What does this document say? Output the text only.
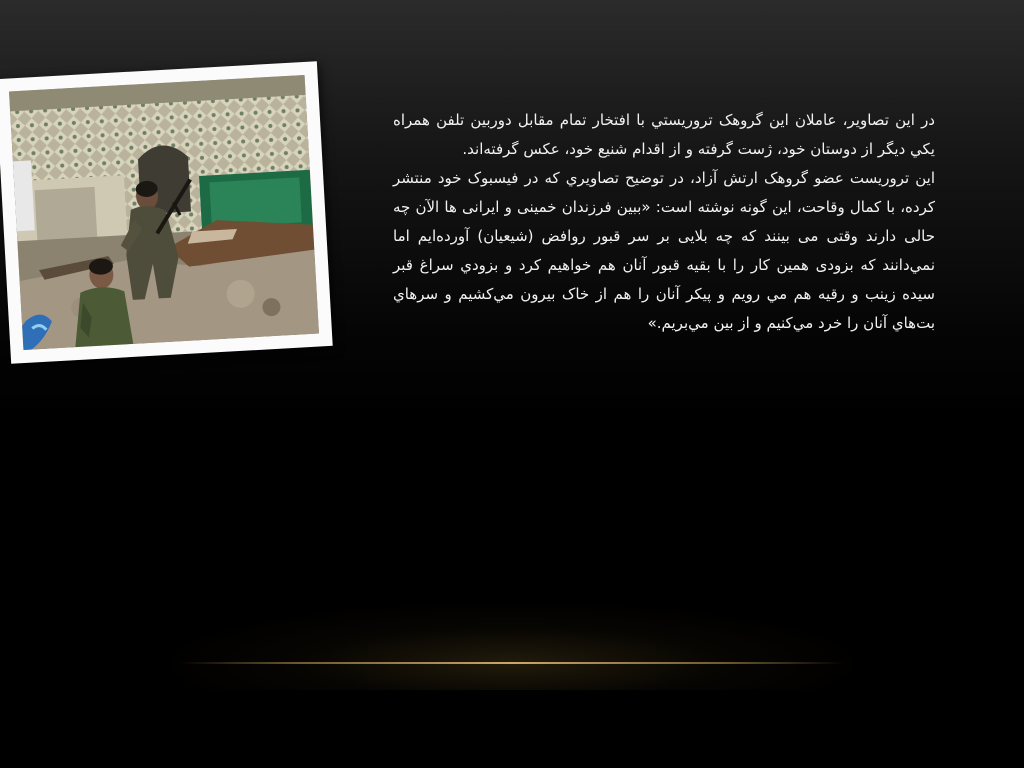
در اين تصاوير، عاملان اين گروهک تروريستي با افتخار تمام مقابل دوربين تلفن همراه يکي ديگر از دوستان خود، ژست گرفته و از اقدام شنيع خود، عکس گرفته‌اند.

اين تروريست عضو گروهک ارتش آزاد، در توضيح تصاويري که در فيسبوک خود منتشر کرده، با کمال وقاحت، اين گونه نوشته است: «ببين فرزندان خمینی و ایرانی ها الآن چه حالی دارند وقتی می بینند که چه بلایی بر سر قبور روافض (شیعیان) آورده‌ایم اما نمي‌دانند که بزودی همین کار را با بقيه قبور آنان هم خواهیم کرد و بزودي سراغ قبر سيده زينب و رقيه هم مي رويم و پيکر آنان را هم از خاک بيرون مي‌کشيم و سرهاي بت‌هاي آنان را خرد مي‌کنيم و از بين مي‌بريم.»
